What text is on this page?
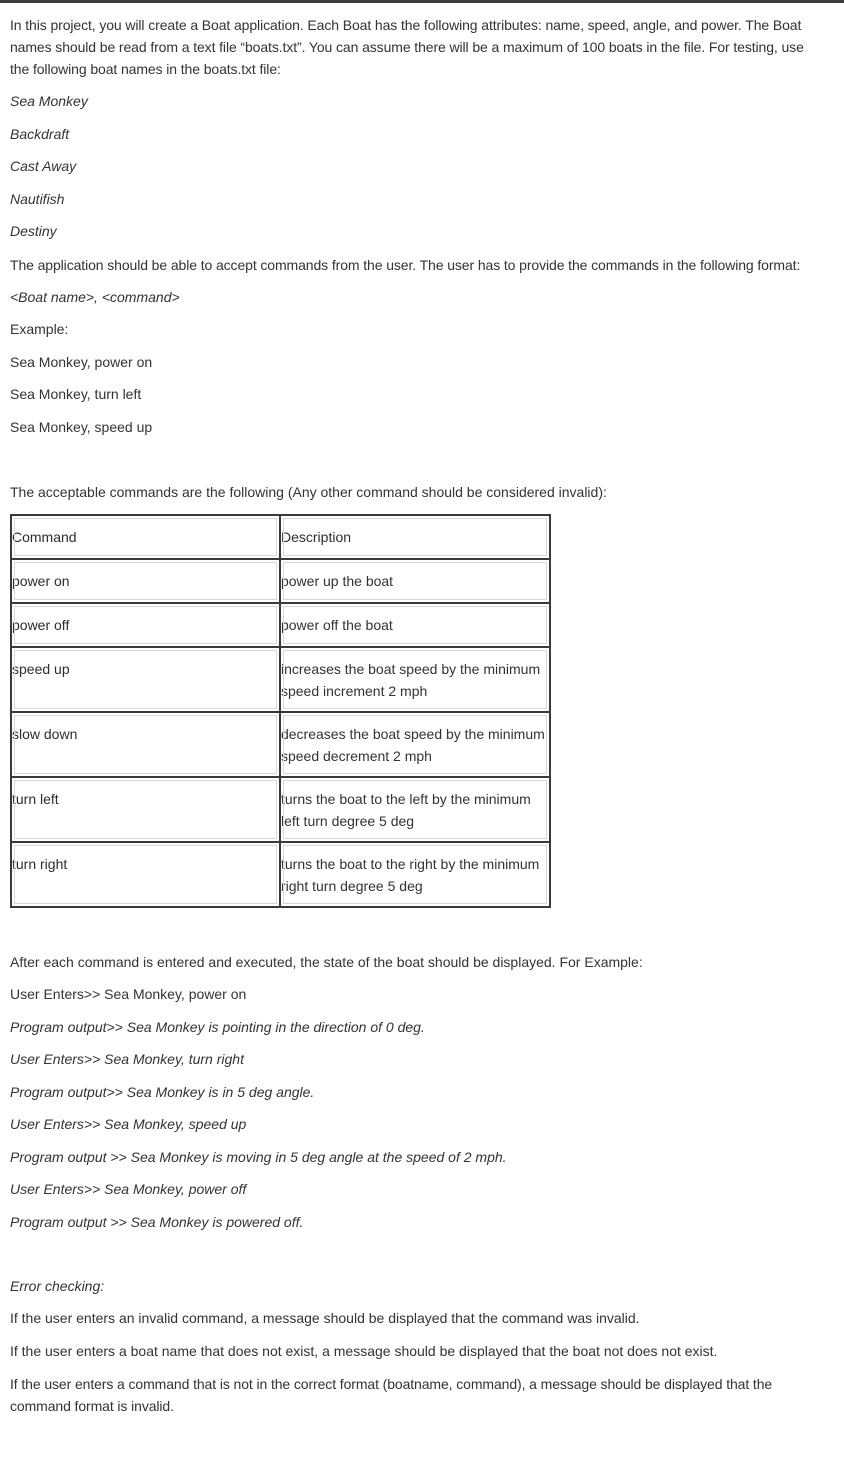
In this project, you will create a Boat application. Each Boat has the following attributes: name, speed, angle, and power. The Boat names should be read from a text file “boats.txt”. You can assume there will be a maximum of 100 boats in the file. For testing, use the following boat names in the boats.txt file:

Sea Monkey

Backdraft

Cast Away

Nautifish

Destiny

The application should be able to accept commands from the user. The user has to provide the commands in the following format:

<Boat name>, <command>

Example:

Sea Monkey, power on

Sea Monkey, turn left

Sea Monkey, speed up

The acceptable commands are the following (Any other command should be considered invalid):

Command	Description

power on	power up the boat

power off	power off the boat

speed up	increases the boat speed by the minimum speed increment 2 mph

slow down	decreases the boat speed by the minimum speed decrement 2 mph

turn left	turns the boat to the left by the minimum left turn degree 5 deg

turn right	turns the boat to the right by the minimum right turn degree 5 deg

After each command is entered and executed, the state of the boat should be displayed. For Example:

User Enters>> Sea Monkey, power on

Program output>> Sea Monkey is pointing in the direction of 0 deg.

User Enters>> Sea Monkey, turn right

Program output>> Sea Monkey is in 5 deg angle.

User Enters>> Sea Monkey, speed up

Program output >> Sea Monkey is moving in 5 deg angle at the speed of 2 mph.

User Enters>> Sea Monkey, power off

Program output >> Sea Monkey is powered off.

Error checking:

If the user enters an invalid command, a message should be displayed that the command was invalid.

If the user enters a boat name that does not exist, a message should be displayed that the boat not does not exist.

If the user enters a command that is not in the correct format (boatname, command), a message should be displayed that the command format is invalid.
